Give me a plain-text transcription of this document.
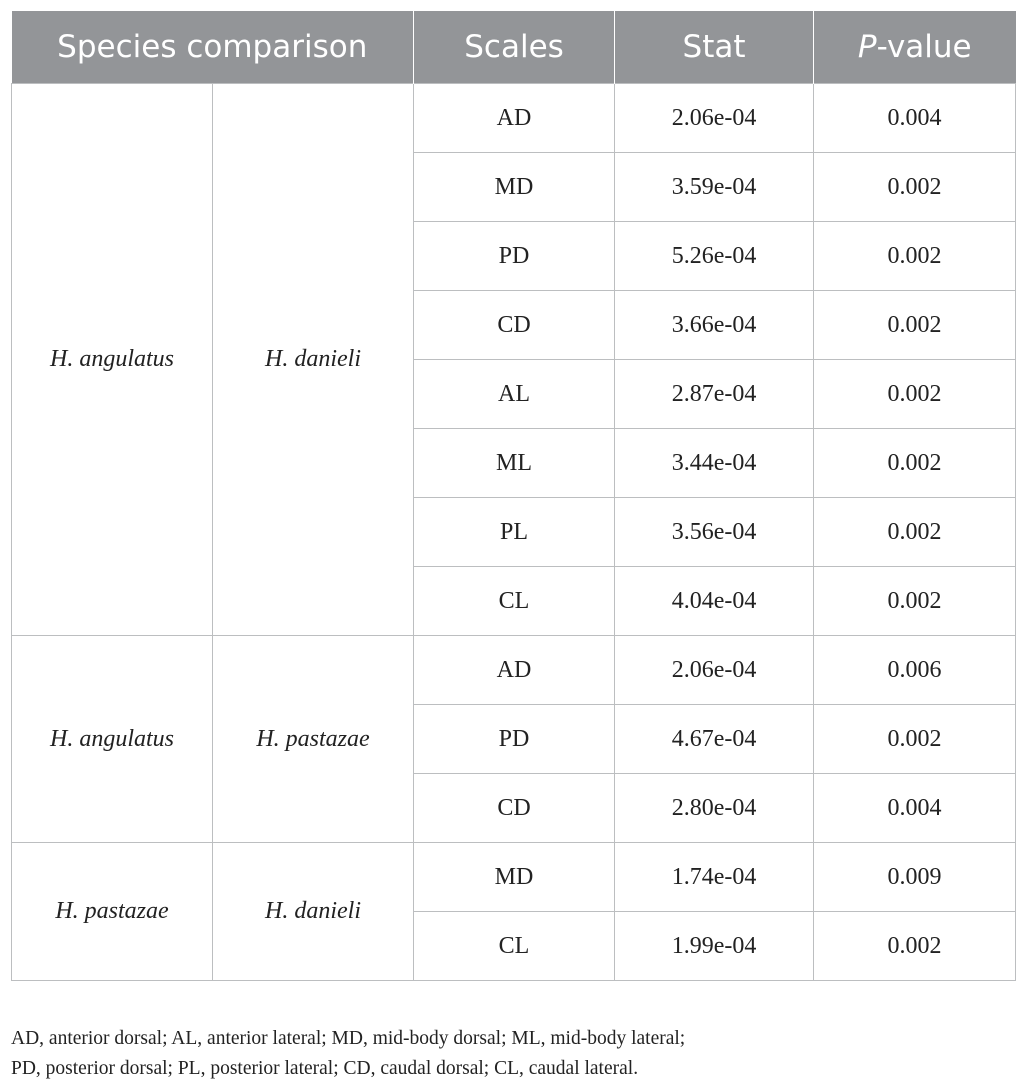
Species comparison		Scales	Stat	P-value
H. angulatus	H. danieli	AD	2.06e-04	0.004
		MD	3.59e-04	0.002
		PD	5.26e-04	0.002
		CD	3.66e-04	0.002
		AL	2.87e-04	0.002
		ML	3.44e-04	0.002
		PL	3.56e-04	0.002
		CL	4.04e-04	0.002
H. angulatus	H. pastazae	AD	2.06e-04	0.006
		PD	4.67e-04	0.002
		CD	2.80e-04	0.004
H. pastazae	H. danieli	MD	1.74e-04	0.009
		CL	1.99e-04	0.002

AD, anterior dorsal; AL, anterior lateral; MD, mid-body dorsal; ML, mid-body lateral;
PD, posterior dorsal; PL, posterior lateral; CD, caudal dorsal; CL, caudal lateral.
